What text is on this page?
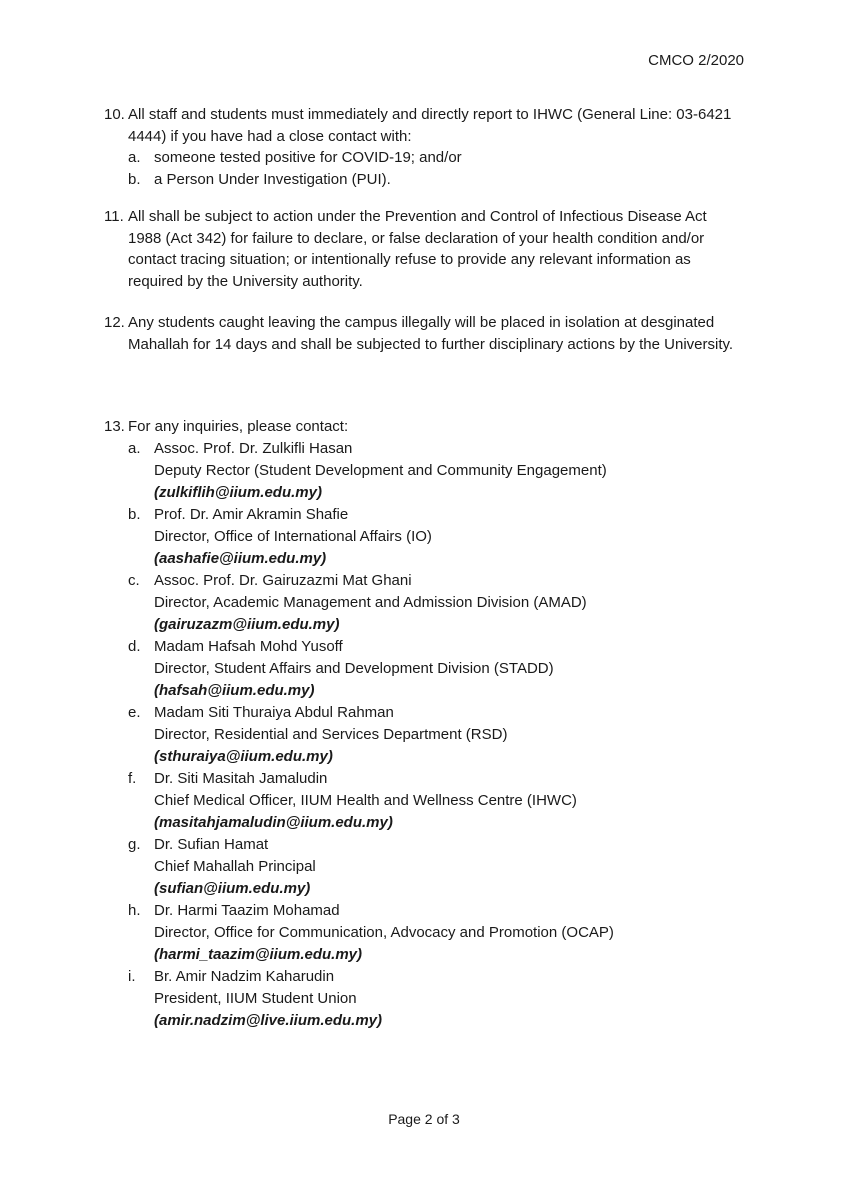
CMCO 2/2020
10. All staff and students must immediately and directly report to IHWC (General Line: 03-6421 4444) if you have had a close contact with:
a. someone tested positive for COVID-19; and/or
b. a Person Under Investigation (PUI).
11. All shall be subject to action under the Prevention and Control of Infectious Disease Act 1988 (Act 342) for failure to declare, or false declaration of your health condition and/or contact tracing situation; or intentionally refuse to provide any relevant information as required by the University authority.
12. Any students caught leaving the campus illegally will be placed in isolation at desginated Mahallah for 14 days and shall be subjected to further disciplinary actions by the University.
13. For any inquiries, please contact:
a. Assoc. Prof. Dr. Zulkifli Hasan
Deputy Rector (Student Development and Community Engagement)
(zulkiflih@iium.edu.my)
b. Prof. Dr. Amir Akramin Shafie
Director, Office of International Affairs (IO)
(aashafie@iium.edu.my)
c. Assoc. Prof. Dr. Gairuzazmi Mat Ghani
Director, Academic Management and Admission Division (AMAD)
(gairuzazm@iium.edu.my)
d. Madam Hafsah Mohd Yusoff
Director, Student Affairs and Development Division (STADD)
(hafsah@iium.edu.my)
e. Madam Siti Thuraiya Abdul Rahman
Director, Residential and Services Department (RSD)
(sthuraiya@iium.edu.my)
f. Dr. Siti Masitah Jamaludin
Chief Medical Officer, IIUM Health and Wellness Centre (IHWC)
(masitahjamaludin@iium.edu.my)
g. Dr. Sufian Hamat
Chief Mahallah Principal
(sufian@iium.edu.my)
h. Dr. Harmi Taazim Mohamad
Director, Office for Communication, Advocacy and Promotion (OCAP)
(harmi_taazim@iium.edu.my)
i. Br. Amir Nadzim Kaharudin
President, IIUM Student Union
(amir.nadzim@live.iium.edu.my)
Page 2 of 3
